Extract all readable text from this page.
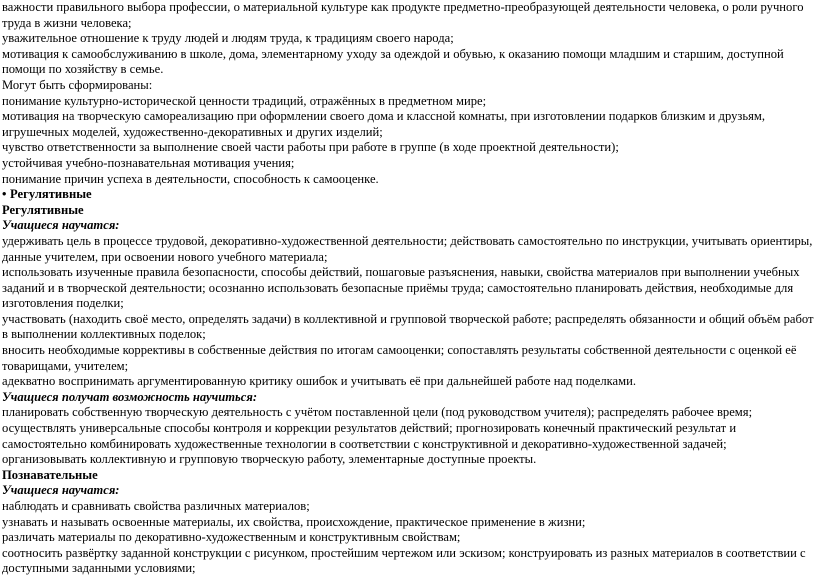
важности правильного выбора профессии, о материальной культуре как продукте предметно-преобразующей деятельности человека, о роли ручного труда в жизни человека;

уважительное отношение к труду людей и людям труда, к традициям своего народа;

мотивация к самообслуживанию в школе, дома, элементарному уходу за одеждой и обувью, к оказанию помощи младшим и старшим, доступной помощи по хозяйству в семье.

Могут быть сформированы:

понимание культурно-исторической ценности традиций, отражённых в предметном мире;

мотивация на творческую самореализацию при оформлении своего дома и классной комнаты, при изготовлении подарков близким и друзьям, игрушечных моделей, художественно-декоративных и других изделий;

чувство ответственности за выполнение своей части работы при работе в группе (в ходе проектной деятельности);

устойчивая учебно-познавательная мотивация учения;

понимание причин успеха в деятельности, способность к самооценке.

• Регулятивные

Регулятивные

Учащиеся научатся:

удерживать цель в процессе трудовой, декоративно-художественной деятельности; действовать самостоятельно по инструкции, учитывать ориентиры, данные учителем, при освоении нового учебного материала;

использовать изученные правила безопасности, способы действий, пошаговые разъяснения, навыки, свойства материалов при выполнении учебных заданий и в творческой деятельности; осознанно использовать безопасные приёмы труда; самостоятельно планировать действия, необходимые для изготовления поделки;

участвовать (находить своё место, определять задачи) в коллективной и групповой творческой работе; распределять обязанности и общий объём работ в выполнении коллективных поделок;

вносить необходимые коррективы в собственные действия по итогам самооценки; сопоставлять результаты собственной деятельности с оценкой её товарищами, учителем;

адекватно воспринимать аргументированную критику ошибок и учитывать её при дальнейшей работе над поделками.

Учащиеся получат возможность научиться:

планировать собственную творческую деятельность с учётом поставленной цели (под руководством учителя); распределять рабочее время;

осуществлять универсальные способы контроля и коррекции результатов действий; прогнозировать конечный практический результат и самостоятельно комбинировать художественные технологии в соответствии с конструктивной и декоративно-художественной задачей;

организовывать коллективную и групповую творческую работу, элементарные доступные проекты.

Познавательные

Учащиеся научатся:

наблюдать и сравнивать свойства различных материалов;

узнавать и называть освоенные материалы, их свойства, происхождение, практическое применение в жизни;

различать материалы по декоративно-художественным и конструктивным свойствам;

соотносить развёртку заданной конструкции с рисунком, простейшим чертежом или эскизом; конструировать из разных материалов в соответствии с доступными заданными условиями;
